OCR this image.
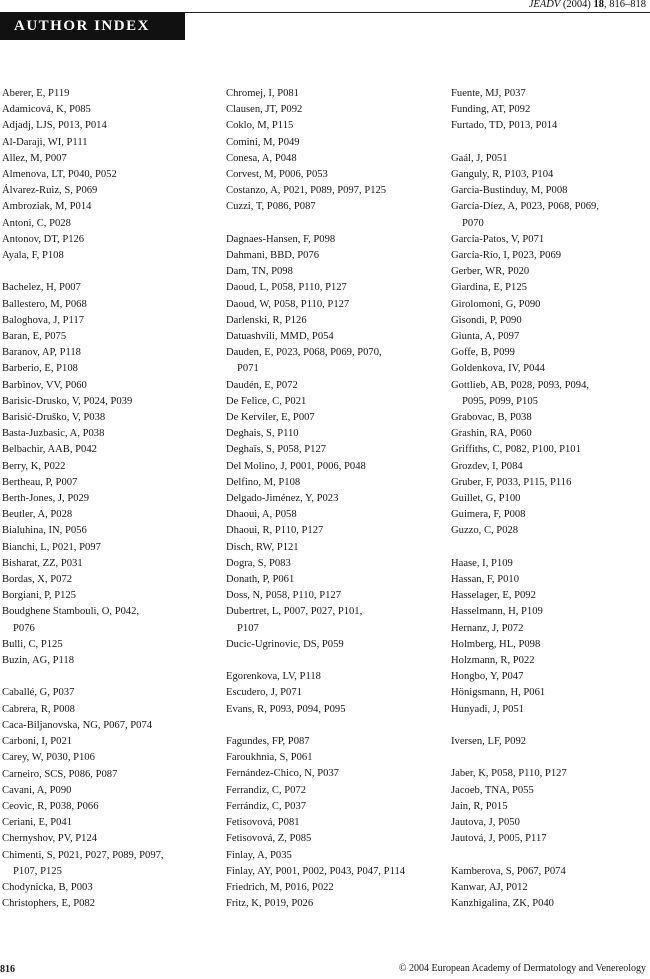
AUTHOR INDEX
JEADV (2004) 18, 816–818
Aberer, E, P119
Adamicová, K, P085
Adjadj, LJS, P013, P014
Al-Daraji, WI, P111
Allez, M, P007
Almenova, LT, P040, P052
Álvarez-Ruiz, S, P069
Ambroziak, M, P014
Antoni, C, P028
Antonov, DT, P126
Ayala, F, P108
Bachelez, H, P007
Ballestero, M, P068
Baloghova, J, P117
Baran, E, P075
Baranov, AP, P118
Barberio, E, P108
Barbinov, VV, P060
Barisic-Drusko, V, P024, P039
Barisić-Druško, V, P038
Basta-Juzbasic, A, P038
Belbachir, AAB, P042
Berry, K, P022
Bertheau, P, P007
Berth-Jones, J, P029
Beutler, A, P028
Bialuhina, IN, P056
Bianchi, L, P021, P097
Bisharat, ZZ, P031
Bordas, X, P072
Borgiani, P, P125
Boudghene Stambouli, O, P042,
P076
Bulli, C, P125
Buzin, AG, P118
Caballé, G, P037
Cabrera, R, P008
Caca-Biljanovska, NG, P067, P074
Carboni, I, P021
Carey, W, P030, P106
Carneiro, SCS, P086, P087
Cavani, A, P090
Ceovic, R, P038, P066
Ceriani, E, P041
Chernyshov, PV, P124
Chimenti, S, P021, P027, P089, P097,
P107, P125
Chodynicka, B, P003
Christophers, E, P082
Chromej, I, P081
Clausen, JT, P092
Coklo, M, P115
Comini, M, P049
Conesa, A, P048
Corvest, M, P006, P053
Costanzo, A, P021, P089, P097, P125
Cuzzi, T, P086, P087
Dagnaes-Hansen, F, P098
Dahmani, BBD, P076
Dam, TN, P098
Daoud, L, P058, P110, P127
Daoud, W, P058, P110, P127
Darlenski, R, P126
Datuashvili, MMD, P054
Dauden, E, P023, P068, P069, P070,
P071
Daudén, E, P072
De Felice, C, P021
De Kerviler, E, P007
Deghais, S, P110
Deghaïs, S, P058, P127
Del Molino, J, P001, P006, P048
Delfino, M, P108
Delgado-Jiménez, Y, P023
Dhaoui, A, P058
Dhaoui, R, P110, P127
Disch, RW, P121
Dogra, S, P083
Donath, P, P061
Doss, N, P058, P110, P127
Dubertret, L, P007, P027, P101,
P107
Ducic-Ugrinovic, DS, P059
Egorenkova, LV, P118
Escudero, J, P071
Evans, R, P093, P094, P095
Fagundes, FP, P087
Faroukhnia, S, P061
Fernández-Chico, N, P037
Ferrandiz, C, P072
Ferrándiz, C, P037
Fetisovová, P081
Fetisovová, Z, P085
Finlay, A, P035
Finlay, AY, P001, P002, P043, P047, P114
Friedrich, M, P016, P022
Fritz, K, P019, P026
Fuente, MJ, P037
Funding, AT, P092
Furtado, TD, P013, P014
Gaál, J, P051
Ganguly, R, P103, P104
Garcia-Bustinduy, M, P008
García-Díez, A, P023, P068, P069,
P070
García-Patos, V, P071
García-Río, I, P023, P069
Gerber, WR, P020
Giardina, E, P125
Girolomoni, G, P090
Gisondi, P, P090
Giunta, A, P097
Goffe, B, P099
Goldenkova, IV, P044
Gottlieb, AB, P028, P093, P094,
P095, P099, P105
Grabovac, B, P038
Grashin, RA, P060
Griffiths, C, P082, P100, P101
Grozdev, I, P084
Gruber, F, P033, P115, P116
Guillet, G, P100
Guimera, F, P008
Guzzo, C, P028
Haase, I, P109
Hassan, F, P010
Hasselager, E, P092
Hasselmann, H, P109
Hernanz, J, P072
Holmberg, HL, P098
Holzmann, R, P022
Hongbo, Y, P047
Hönigsmann, H, P061
Hunyadi, J, P051
Iversen, LF, P092
Jaber, K, P058, P110, P127
Jacoeb, TNA, P055
Jain, R, P015
Jautova, J, P050
Jautová, J, P005, P117
Kamberova, S, P067, P074
Kanwar, AJ, P012
Kanzhigalina, ZK, P040
816	© 2004 European Academy of Dermatology and Venereology
